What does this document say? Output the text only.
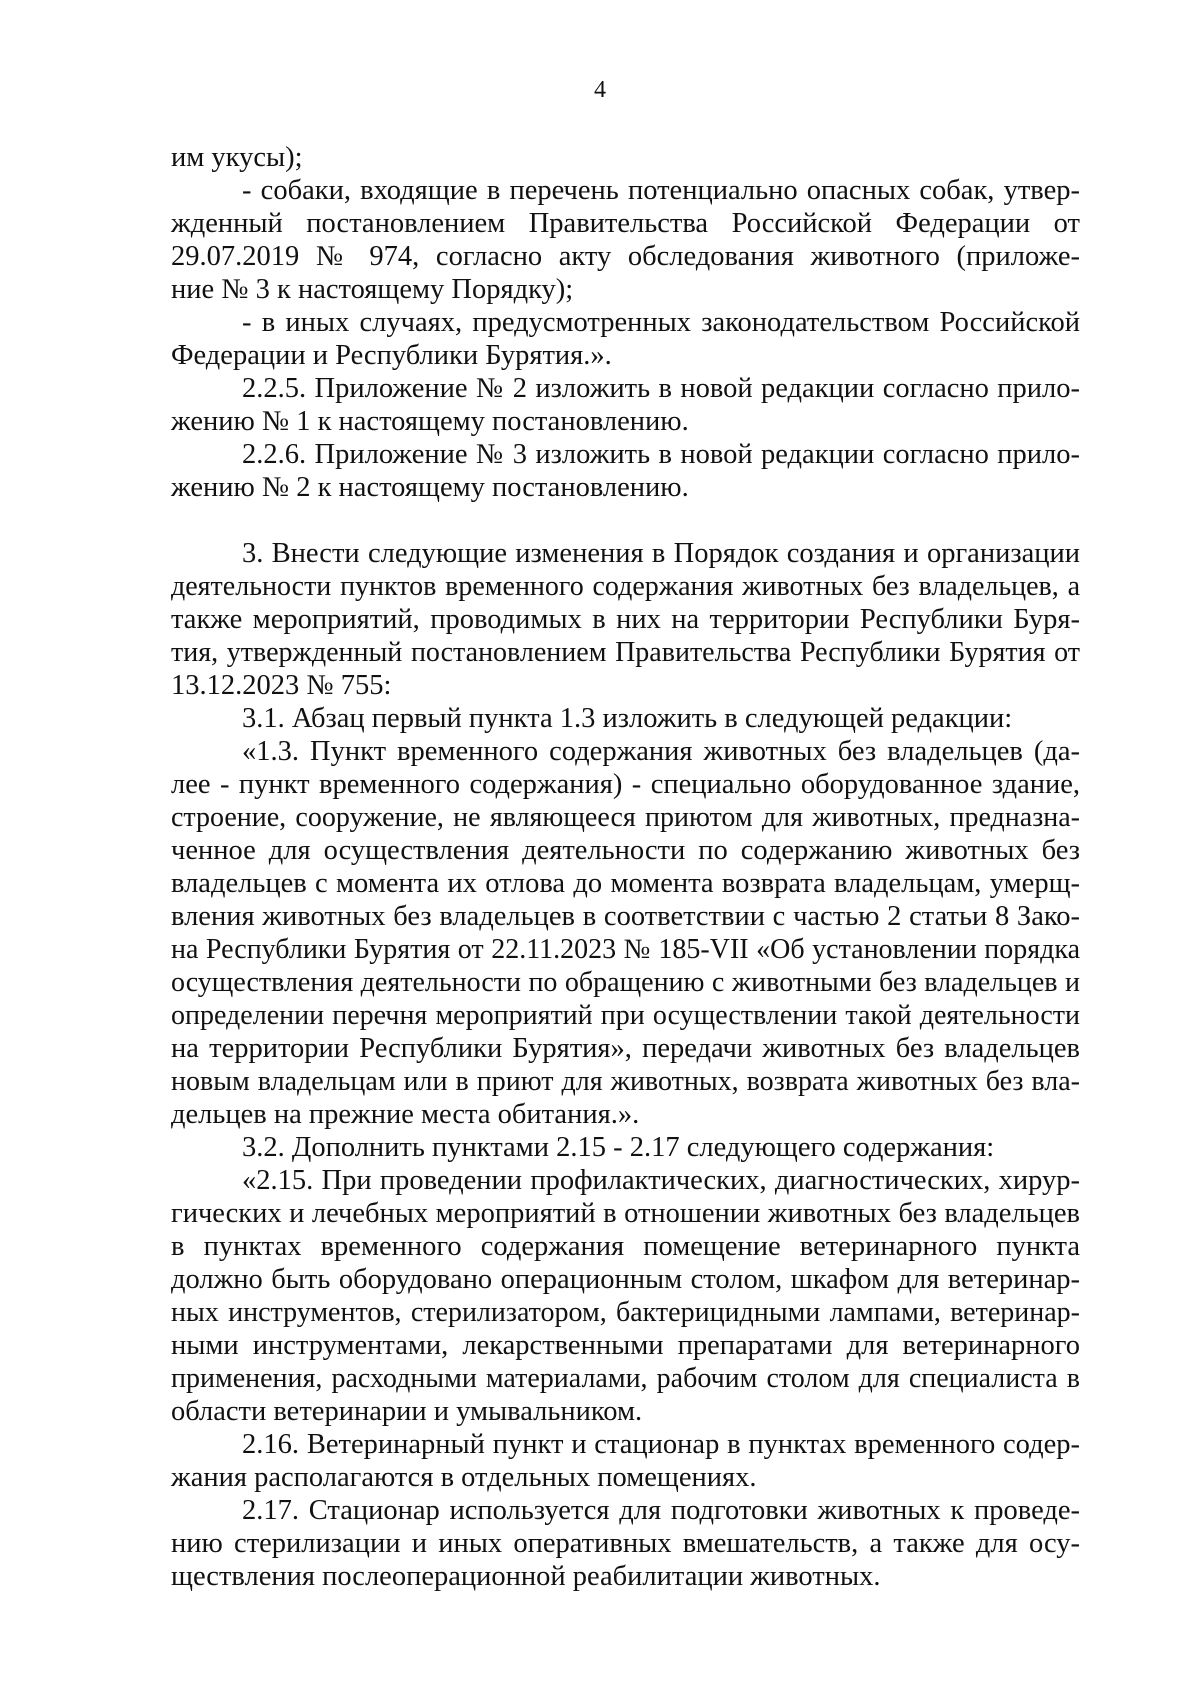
4
им укусы);
- собаки, входящие в перечень потенциально опасных собак, утвер-
жденный постановлением Правительства Российской Федерации от
29.07.2019 № 974, согласно акту обследования животного (приложе-
ние № 3 к настоящему Порядку);
- в иных случаях, предусмотренных законодательством Российской
Федерации и Республики Бурятия.».
2.2.5. Приложение № 2 изложить в новой редакции согласно прило-
жению № 1 к настоящему постановлению.
2.2.6. Приложение № 3 изложить в новой редакции согласно прило-
жению № 2 к настоящему постановлению.
3. Внести следующие изменения в Порядок создания и организации
деятельности пунктов временного содержания животных без владельцев, а
также мероприятий, проводимых в них на территории Республики Буря-
тия, утвержденный постановлением Правительства Республики Бурятия от
13.12.2023 № 755:
3.1. Абзац первый пункта 1.3 изложить в следующей редакции:
«1.3. Пункт временного содержания животных без владельцев (да-
лее - пункт временного содержания) - специально оборудованное здание,
строение, сооружение, не являющееся приютом для животных, предназна-
ченное для осуществления деятельности по содержанию животных без
владельцев с момента их отлова до момента возврата владельцам, умерщ-
вления животных без владельцев в соответствии с частью 2 статьи 8 Зако-
на Республики Бурятия от 22.11.2023 № 185-VII «Об установлении порядка
осуществления деятельности по обращению с животными без владельцев и
определении перечня мероприятий при осуществлении такой деятельности
на территории Республики Бурятия», передачи животных без владельцев
новым владельцам или в приют для животных, возврата животных без вла-
дельцев на прежние места обитания.».
3.2. Дополнить пунктами 2.15 - 2.17 следующего содержания:
«2.15. При проведении профилактических, диагностических, хирур-
гических и лечебных мероприятий в отношении животных без владельцев
в пунктах временного содержания помещение ветеринарного пункта
должно быть оборудовано операционным столом, шкафом для ветеринар-
ных инструментов, стерилизатором, бактерицидными лампами, ветеринар-
ными инструментами, лекарственными препаратами для ветеринарного
применения, расходными материалами, рабочим столом для специалиста в
области ветеринарии и умывальником.
2.16. Ветеринарный пункт и стационар в пунктах временного содер-
жания располагаются в отдельных помещениях.
2.17. Стационар используется для подготовки животных к проведе-
нию стерилизации и иных оперативных вмешательств, а также для осу-
ществления послеоперационной реабилитации животных.
